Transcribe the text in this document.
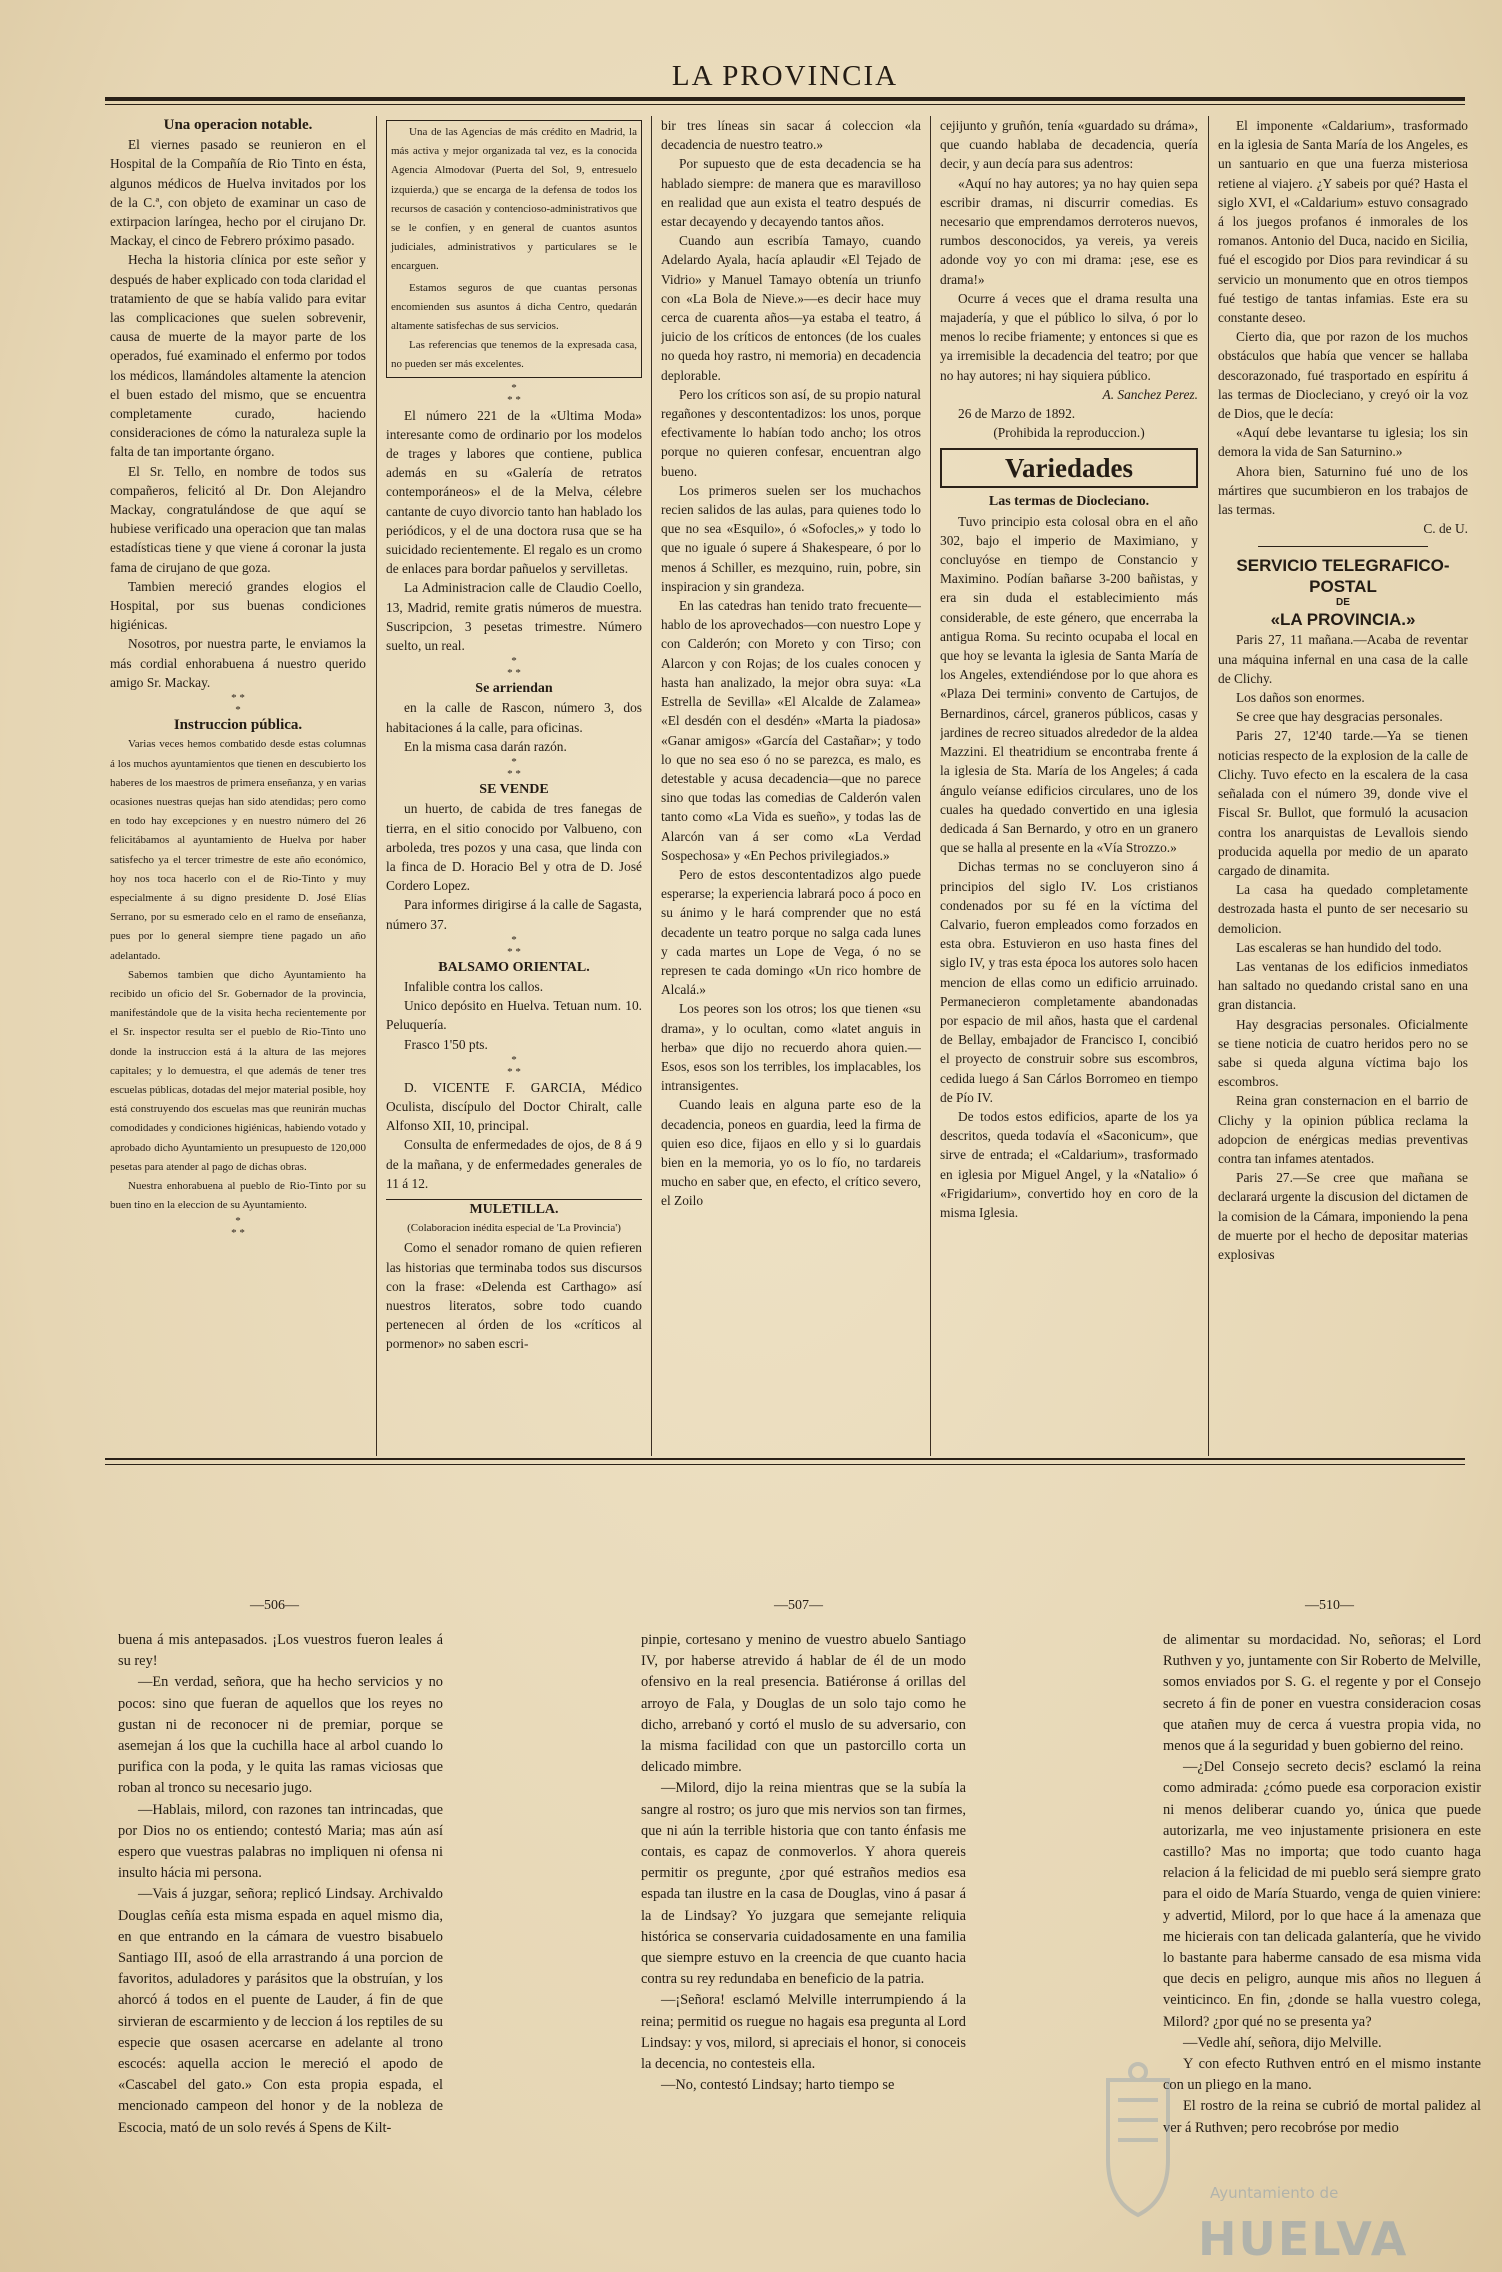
LA PROVINCIA

Una operacion notable.

El viernes pasado se reunieron en el Hospital de la Compañía de Rio Tinto en ésta, algunos médicos de Huelva invitados por los de la C.ª, con objeto de examinar un caso de extirpacion laríngea, hecho por el cirujano Dr. Mackay, el cinco de Febrero próximo pasado.

Hecha la historia clínica por este señor y después de haber explicado con toda claridad el tratamiento de que se había valido para evitar las complicaciones que suelen sobrevenir, causa de muerte de la mayor parte de los operados, fué examinado el enfermo por todos los médicos, llamándoles altamente la atencion el buen estado del mismo, que se encuentra completamente curado, haciendo consideraciones de cómo la naturaleza suple la falta de tan importante órgano.

El Sr. Tello, en nombre de todos sus compañeros, felicitó al Dr. Don Alejandro Mackay, congratulándose de que aquí se hubiese verificado una operacion que tan malas estadísticas tiene y que viene á coronar la justa fama de cirujano de que goza.

Tambien mereció grandes elogios el Hospital, por sus buenas condiciones higiénicas.

Nosotros, por nuestra parte, le enviamos la más cordial enhorabuena á nuestro querido amigo Sr. Mackay.

* *
*

Instruccion pública.

Varias veces hemos combatido desde estas columnas á los muchos ayuntamientos que tienen en descubierto los haberes de los maestros de primera enseñanza, y en varias ocasiones nuestras quejas han sido atendidas; pero como en todo hay excepciones y en nuestro número del 26 felicitábamos al ayuntamiento de Huelva por haber satisfecho ya el tercer trimestre de este año económico, hoy nos toca hacerlo con el de Rio-Tinto y muy especialmente á su digno presidente D. José Elías Serrano, por su esmerado celo en el ramo de enseñanza, pues por lo general siempre tiene pagado un año adelantado.

Sabemos tambien que dicho Ayuntamiento ha recibido un oficio del Sr. Gobernador de la provincia, manifestándole que de la visita hecha recientemente por el Sr. inspector resulta ser el pueblo de Rio-Tinto uno donde la instruccion está á la altura de las mejores capitales; y lo demuestra, el que además de tener tres escuelas públicas, dotadas del mejor material posible, hoy está construyendo dos escuelas mas que reunirán muchas comodidades y condiciones higiénicas, habiendo votado y aprobado dicho Ayuntamiento un presupuesto de 120,000 pesetas para atender al pago de dichas obras.

Nuestra enhorabuena al pueblo de Rio-Tinto por su buen tino en la eleccion de su Ayuntamiento.

*
* *

Una de las Agencias de más crédito en Madrid, la más activa y mejor organizada tal vez, es la conocida Agencia Almodovar (Puerta del Sol, 9, entresuelo izquierda,) que se encarga de la defensa de todos los recursos de casación y contencioso-administrativos que se le confíen, y en general de cuantos asuntos judiciales, administrativos y particulares se le encarguen.

Estamos seguros de que cuantas personas encomienden sus asuntos á dicha Centro, quedarán altamente satisfechas de sus servicios.

Las referencias que tenemos de la expresada casa, no pueden ser más excelentes.

*
* *

El número 221 de la «Ultima Moda» interesante como de ordinario por los modelos de trages y labores que contiene, publica además en su «Galería de retratos contemporáneos» el de la Melva, célebre cantante de cuyo divorcio tanto han hablado los periódicos, y el de una doctora rusa que se ha suicidado recientemente. El regalo es un cromo de enlaces para bordar pañuelos y servilletas.

La Administracion calle de Claudio Coello, 13, Madrid, remite gratis números de muestra. Suscripcion, 3 pesetas trimestre. Número suelto, un real.

*
* *

Se arriendan

en la calle de Rascon, número 3, dos habitaciones á la calle, para oficinas.

En la misma casa darán razón.

*
* *

SE VENDE

un huerto, de cabida de tres fanegas de tierra, en el sitio conocido por Valbueno, con arboleda, tres pozos y una casa, que linda con la finca de D. Horacio Bel y otra de D. José Cordero Lopez.

Para informes dirigirse á la calle de Sagasta, número 37.

*
* *

BALSAMO ORIENTAL.

Infalible contra los callos.

Unico depósito en Huelva. Tetuan num. 10. Peluquería.

Frasco 1'50 pts.

*
* *

D. VICENTE F. GARCIA, Médico Oculista, discípulo del Doctor Chiralt, calle Alfonso XII, 10, principal.

Consulta de enfermedades de ojos, de 8 á 9 de la mañana, y de enfermedades generales de 11 á 12.

MULETILLA.

(Colaboracion inédita especial de 'La Provincia')

Como el senador romano de quien refieren las historias que terminaba todos sus discursos con la frase: «Delenda est Carthago» así nuestros literatos, sobre todo cuando pertenecen al órden de los «críticos al pormenor» no saben escri-

bir tres líneas sin sacar á coleccion «la decadencia de nuestro teatro.»

Por supuesto que de esta decadencia se ha hablado siempre: de manera que es maravilloso en realidad que aun exista el teatro después de estar decayendo y decayendo tantos años.

Cuando aun escribía Tamayo, cuando Adelardo Ayala, hacía aplaudir «El Tejado de Vidrio» y Manuel Tamayo obtenía un triunfo con «La Bola de Nieve.»—es decir hace muy cerca de cuarenta años—ya estaba el teatro, á juicio de los críticos de entonces (de los cuales no queda hoy rastro, ni memoria) en decadencia deplorable.

Pero los críticos son así, de su propio natural regañones y descontentadizos: los unos, porque efectivamente lo habían todo ancho; los otros porque no quieren confesar, encuentran algo bueno.

Los primeros suelen ser los muchachos recien salidos de las aulas, para quienes todo lo que no sea «Esquilo», ó «Sofocles,» y todo lo que no iguale ó supere á Shakespeare, ó por lo menos á Schiller, es mezquino, ruin, pobre, sin inspiracion y sin grandeza.

En las catedras han tenido trato frecuente—hablo de los aprovechados—con nuestro Lope y con Calderón; con Moreto y con Tirso; con Alarcon y con Rojas; de los cuales conocen y hasta han analizado, la mejor obra suya: «La Estrella de Sevilla» «El Alcalde de Zalamea» «El desdén con el desdén» «Marta la piadosa» «Ganar amigos» «García del Castañar»; y todo lo que no sea eso ó no se parezca, es malo, es detestable y acusa decadencia—que no parece sino que todas las comedias de Calderón valen tanto como «La Vida es sueño», y todas las de Alarcón van á ser como «La Verdad Sospechosa» y «En Pechos privilegiados.»

Pero de estos descontentadizos algo puede esperarse; la experiencia labrará poco á poco en su ánimo y le hará comprender que no está decadente un teatro porque no salga cada lunes y cada martes un Lope de Vega, ó no se represen te cada domingo «Un rico hombre de Alcalá.»

Los peores son los otros; los que tienen «su drama», y lo ocultan, como «latet anguis in herba» que dijo no recuerdo ahora quien.—Esos, esos son los terribles, los implacables, los intransigentes.

Cuando leais en alguna parte eso de la decadencia, poneos en guardia, leed la firma de quien eso dice, fijaos en ello y si lo guardais bien en la memoria, yo os lo fío, no tardareis mucho en saber que, en efecto, el crítico severo, el Zoilo

cejijunto y gruñón, tenía «guardado su dráma», que cuando hablaba de decadencia, quería decir, y aun decía para sus adentros:

«Aquí no hay autores; ya no hay quien sepa escribir dramas, ni discurrir comedias. Es necesario que emprendamos derroteros nuevos, rumbos desconocidos, ya vereis, ya vereis adonde voy yo con mi drama: ¡ese, ese es drama!»

Ocurre á veces que el drama resulta una majadería, y que el público lo silva, ó por lo menos lo recibe friamente; y entonces si que es ya irremisible la decadencia del teatro; por que no hay autores; ni hay siquiera público.

A. Sanchez Perez.

26 de Marzo de 1892.

(Prohibida la reproduccion.)

Variedades

Las termas de Diocleciano.

Tuvo principio esta colosal obra en el año 302, bajo el imperio de Maximiano, y concluyóse en tiempo de Constancio y Maximino. Podían bañarse 3-200 bañistas, y era sin duda el establecimiento más considerable, de este género, que encerraba la antigua Roma. Su recinto ocupaba el local en que hoy se levanta la iglesia de Santa María de los Angeles, extendiéndose por lo que ahora es «Plaza Dei termini» convento de Cartujos, de Bernardinos, cárcel, graneros públicos, casas y jardines de recreo situados alrededor de la aldea Mazzini. El theatridium se encontraba frente á la iglesia de Sta. María de los Angeles; á cada ángulo veíanse edificios circulares, uno de los cuales ha quedado convertido en una iglesia dedicada á San Bernardo, y otro en un granero que se halla al presente en la «Vía Strozzo.»

Dichas termas no se concluyeron sino á principios del siglo IV. Los cristianos condenados por su fé en la víctima del Calvario, fueron empleados como forzados en esta obra. Estuvieron en uso hasta fines del siglo IV, y tras esta época los autores solo hacen mencion de ellas como un edificio arruinado. Permanecieron completamente abandonadas por espacio de mil años, hasta que el cardenal de Bellay, embajador de Francisco I, concibió el proyecto de construir sobre sus escombros, cedida luego á San Cárlos Borromeo en tiempo de Pío IV.

De todos estos edificios, aparte de los ya descritos, queda todavía el «Saconicum», que sirve de entrada; el «Caldarium», trasformado en iglesia por Miguel Angel, y la «Natalio» ó «Frigidarium», convertido hoy en coro de la misma Iglesia.

El imponente «Caldarium», trasformado en la iglesia de Santa María de los Angeles, es un santuario en que una fuerza misteriosa retiene al viajero. ¿Y sabeis por qué? Hasta el siglo XVI, el «Caldarium» estuvo consagrado á los juegos profanos é inmorales de los romanos. Antonio del Duca, nacido en Sicilia, fué el escogido por Dios para revindicar á su servicio un monumento que en otros tiempos fué testigo de tantas infamias. Este era su constante deseo.

Cierto dia, que por razon de los muchos obstáculos que había que vencer se hallaba descorazonado, fué trasportado en espíritu á las termas de Diocleciano, y creyó oir la voz de Dios, que le decía:

«Aquí debe levantarse tu iglesia; los sin demora la vida de San Saturnino.»

Ahora bien, Saturnino fué uno de los mártires que sucumbieron en los trabajos de las termas.

C. de U.

SERVICIO TELEGRAFICO-POSTAL

DE

«LA PROVINCIA.»

Paris 27, 11 mañana.—Acaba de reventar una máquina infernal en una casa de la calle de Clichy.

Los daños son enormes.

Se cree que hay desgracias personales.

Paris 27, 12'40 tarde.—Ya se tienen noticias respecto de la explosion de la calle de Clichy. Tuvo efecto en la escalera de la casa señalada con el número 39, donde vive el Fiscal Sr. Bullot, que formuló la acusacion contra los anarquistas de Levallois siendo producida aquella por medio de un aparato cargado de dinamita.

La casa ha quedado completamente destrozada hasta el punto de ser necesario su demolicion.

Las escaleras se han hundido del todo.

Las ventanas de los edificios inmediatos han saltado no quedando cristal sano en una gran distancia.

Hay desgracias personales. Oficialmente se tiene noticia de cuatro heridos pero no se sabe si queda alguna víctima bajo los escombros.

Reina gran consternacion en el barrio de Clichy y la opinion pública reclama la adopcion de enérgicas medias preventivas contra tan infames atentados.

Paris 27.—Se cree que mañana se declarará urgente la discusion del dictamen de la comision de la Cámara, imponiendo la pena de muerte por el hecho de depositar materias explosivas

—506—	—507—	—510—

buena á mis antepasados. ¡Los vuestros fueron leales á su rey!

—En verdad, señora, que ha hecho servicios y no pocos: sino que fueran de aquellos que los reyes no gustan ni de reconocer ni de premiar, porque se asemejan á los que la cuchilla hace al arbol cuando lo purifica con la poda, y le quita las ramas viciosas que roban al tronco su necesario jugo.

—Hablais, milord, con razones tan intrincadas, que por Dios no os entiendo; contestó Maria; mas aún así espero que vuestras palabras no impliquen ni ofensa ni insulto hácia mi persona.

—Vais á juzgar, señora; replicó Lindsay. Archivaldo Douglas ceñía esta misma espada en aquel mismo dia, en que entrando en la cámara de vuestro bisabuelo Santiago III, asoó de ella arrastrando á una porcion de favoritos, aduladores y parásitos que la obstruían, y los ahorcó á todos en el puente de Lauder, á fin de que sirvieran de escarmiento y de leccion á los reptiles de su especie que osasen acercarse en adelante al trono escocés: aquella accion le mereció el apodo de «Cascabel del gato.» Con esta propia espada, el mencionado campeon del honor y de la nobleza de Escocia, mató de un solo revés á Spens de Kilt-

pinpie, cortesano y menino de vuestro abuelo Santiago IV, por haberse atrevido á hablar de él de un modo ofensivo en la real presencia. Batiéronse á orillas del arroyo de Fala, y Douglas de un solo tajo como he dicho, arrebanó y cortó el muslo de su adversario, con la misma facilidad con que un pastorcillo corta un delicado mimbre.

—Milord, dijo la reina mientras que se la subía la sangre al rostro; os juro que mis nervios son tan firmes, que ni aún la terrible historia que con tanto énfasis me contais, es capaz de conmoverlos. Y ahora quereis permitir os pregunte, ¿por qué estraños medios esa espada tan ilustre en la casa de Douglas, vino á pasar á la de Lindsay? Yo juzgara que semejante reliquia histórica se conservaria cuidadosamente en una familia que siempre estuvo en la creencia de que cuanto hacia contra su rey redundaba en beneficio de la patria.

—¡Señora! esclamó Melville interrumpiendo á la reina; permitid os ruegue no hagais esa pregunta al Lord Lindsay: y vos, milord, si apreciais el honor, si conoceis la decencia, no contesteis ella.

—No, contestó Lindsay; harto tiempo se

de alimentar su mordacidad. No, señoras; el Lord Ruthven y yo, juntamente con Sir Roberto de Melville, somos enviados por S. G. el regente y por el Consejo secreto á fin de poner en vuestra consideracion cosas que atañen muy de cerca á vuestra propia vida, no menos que á la seguridad y buen gobierno del reino.

—¿Del Consejo secreto decis? esclamó la reina como admirada: ¿cómo puede esa corporacion existir ni menos deliberar cuando yo, única que puede autorizarla, me veo injustamente prisionera en este castillo? Mas no importa; que todo cuanto haga relacion á la felicidad de mi pueblo será siempre grato para el oido de María Stuardo, venga de quien viniere: y advertid, Milord, por lo que hace á la amenaza que me hicierais con tan delicada galantería, que he vivido lo bastante para haberme cansado de esa misma vida que decis en peligro, aunque mis años no lleguen á veinticinco. En fin, ¿donde se halla vuestro colega, Milord? ¿por qué no se presenta ya?

—Vedle ahí, señora, dijo Melville.

Y con efecto Ruthven entró en el mismo instante con un pliego en la mano.

El rostro de la reina se cubrió de mortal palidez al ver á Ruthven; pero recobróse por medio

Ayuntamiento de
HUELVA
